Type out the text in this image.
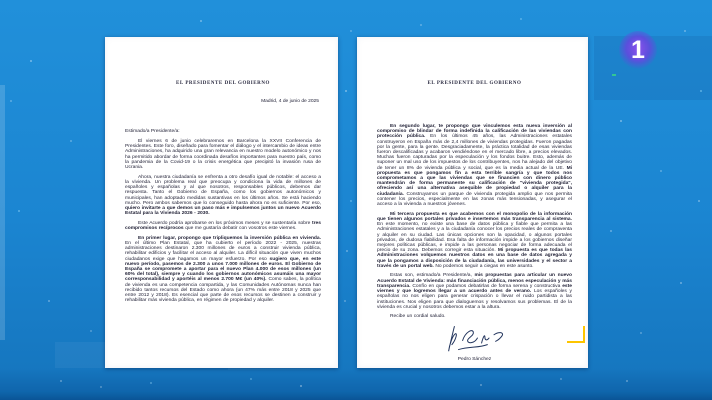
EL PRESIDENTE DEL GOBIERNO
Madrid, 4 de junio de 2025
Estimado/a Presidente/a:

El viernes 6 de junio celebraremos en Barcelona la XXVII Conferencia de Presidentes. Este foro, diseñado para fomentar el diálogo y el intercambio de ideas entre Administraciones, ha adquirido una gran relevancia en nuestro modelo autonómico y nos ha permitido abordar de forma coordinada desafíos importantes para nuestro país, como la pandemia de la Covid-19 o la crisis energética que precipitó la invasión rusa de Ucrania.

Ahora, nuestra ciudadanía se enfrenta a otro desafío igual de notable: el acceso a la vivienda. Un problema real que preocupa y condiciona la vida de millones de españoles y españolas y al que nosotros, responsables públicos, debemos dar respuesta. Tanto el Gobierno de España, como los gobiernos autonómicos y municipales, han adoptado medidas sustantivas en los últimos años. Se está haciendo mucho. Pero ambos sabemos que lo conseguido hasta ahora no es suficiente. Por eso, quiero invitarte a que demos un paso más e impulsemos juntos un nuevo Acuerdo Estatal para la Vivienda 2026 - 2030.

Este Acuerdo podría aprobarse en los próximos meses y se sustentaría sobre tres compromisos recíprocos que me gustaría debatir con vosotros este viernes.

En primer lugar, propongo que tripliquemos la inversión pública en vivienda. En el último Plan Estatal, que ha cubierto el período 2022 - 2025, nuestras administraciones destinaron 2.300 millones de euros a construir vivienda pública, rehabilitar edificios y facilitar el acceso al alquiler. La difícil situación que viven muchos ciudadanos exige que hagamos un mayor esfuerzo. Por eso sugiero que, en este nuevo período, pasemos de 2.300 a unos 7.000 millones de euros. El Gobierno de España se compromete a aportar para el nuevo Plan 4.000 de esos millones (un 60% del total), siempre y cuando los gobiernos autonómicos asumáis una mayor corresponsabilidad y aportéis al menos 2.700 M€ (un 40%). Como sabes, la política de vivienda es una competencia compartida, y las Comunidades Autónomas nunca han recibido tantos recursos del Estado como ahora (un 47% más entre 2018 y 2025 que entre 2012 y 2018). Es esencial que parte de esos recursos se destinen a construir y rehabilitar más vivienda pública, en régimen de propiedad y alquiler.

EL PRESIDENTE DEL GOBIERNO

En segundo lugar, te propongo que vinculemos esta nueva inversión al compromiso de blindar de forma indefinida la calificación de las viviendas con protección pública. En los últimos 45 años, las Administraciones estatales construyeron en España más de 2,4 millones de viviendas protegidas. Fueron pagadas por la gente, para la gente. Desgraciadamente, la práctica totalidad de esas viviendas fueron descalificadas y acabaron vendiéndose en el mercado libre, a precios elevados. Muchas fueron capturadas por la especulación y los fondos buitre. Esto, además de suponer un mal uso de los impuestos de los contribuyentes, nos ha alejado del objetivo de tener un 8% de vivienda pública y social, que es la media actual de la UE. Mi propuesta es que pongamos fin a esta terrible sangría y que todos nos comprometamos a que las viviendas que se financien con dinero público mantendrán de forma permanente su calificación de "vivienda protegida", ofreciendo así una alternativa asequible de propiedad o alquiler para la ciudadanía. Construyamos un parque de vivienda protegida amplio que nos permita contener los precios, especialmente en las zonas más tensionadas, y asegurar el acceso a la vivienda a nuestros jóvenes.

Mi tercera propuesta es que acabemos con el monopolio de la información que tienen algunos portales privados e insertemos más transparencia al sistema. En este momento, no existe una base de datos pública y fiable que permita a las Administraciones estatales y a la ciudadanía conocer los precios reales de compraventa y alquiler en su ciudad. Las únicas opciones son la opacidad, o algunos portales privados, de dudosa fiabilidad. Esa falta de información impide a los gobiernos diseñar mejores políticas públicas, e impide a las personas negociar de forma adecuada el precio de su zona. Debemos corregir esta situación. Mi propuesta es que todas las Administraciones volquemos nuestros datos en una base de datos agregada y que la pongamos a disposición de la ciudadanía, las universidades y el sector a través de un portal web. No podemos seguir a ciegas en este asunto.

Estas son, estimado/a Presidente/a, mis propuestas para articular un nuevo Acuerdo Estatal de Vivienda: más financiación pública, menos especulación y más transparencia. Confío en que podamos debatirlas de forma serena y constructiva este viernes y que logremos llegar a un acuerdo antes de verano. Los españoles y españolas no nos eligen para generar crispación o llevar el ruido partidista a las instituciones. Nos eligen para que dialoguemos y resolvamos sus problemas. El de la vivienda es crucial y nosotros debemos estar a la altura.

Recibe un cordial saludo.

Pedro Sánchez
1
